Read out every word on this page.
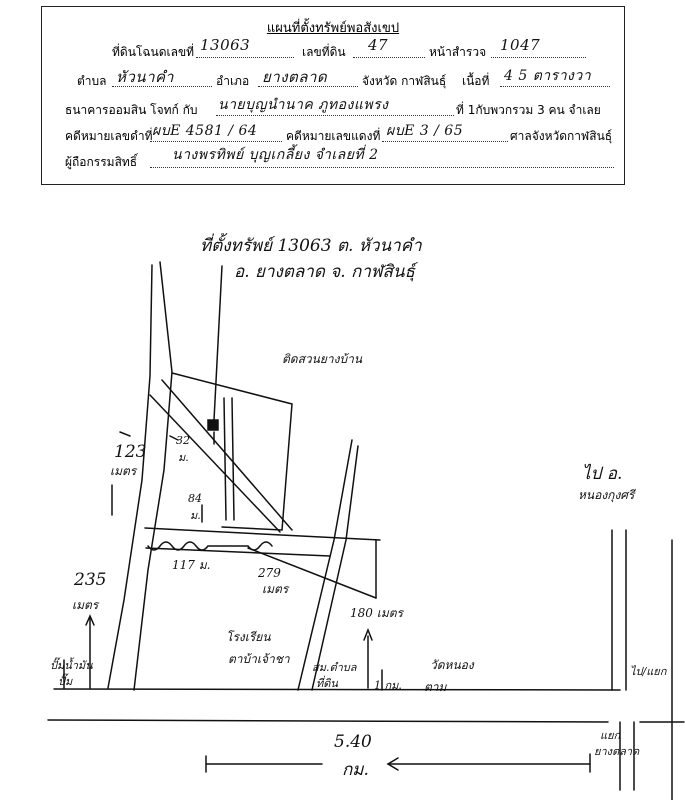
แผนที่ตั้งทรัพย์พอสังเขป
ที่ดินโฉนดเลขที่ 13063	เลขที่ดิน 47	หน้าสำรวจ 1047
ตำบล หัวนาคำ	อำเภอ ยางตลาด	จังหวัด กาฬสินธุ์ เนื้อที่ 4 5 ตารางวา
ธนาคารออมสิน โจทก์ กับ นายบุญนำนาค ภูทองแพรง	ที่ 1กับพวกรวม 3 คน จำเลย
คดีหมายเลขดำที่ ผบE 4581 / 64 คดีหมายเลขแดงที่ ผบE 3 / 65	ศาลจังหวัดกาฬสินธุ์
ผู้ถือกรรมสิทธิ์ นางพรทิพย์ บุญเกลี้ยง จำเลยที่ 2
ที่ตั้งทรัพย์ 13063 ต. หัวนาคำ
อ. ยางตลาด จ. กาฬสินธุ์
ติดสวนยางบ้าน
123
เมตร
32
ม.
84
ม.
117 ม.
279
เมตร
235
เมตร
180 เมตร
โรงเรียน
ตาบ้าเจ้าชา
สม.ตำบล
ที่ดิน	1 กม.
ปั๊มน้ำมัน
ปั๊ม
วัดหนอง
ตาม
ไป อ.
หนองกุงศรี
ไป/แยก
5.40
กม.
แยก
ยางตลาด
